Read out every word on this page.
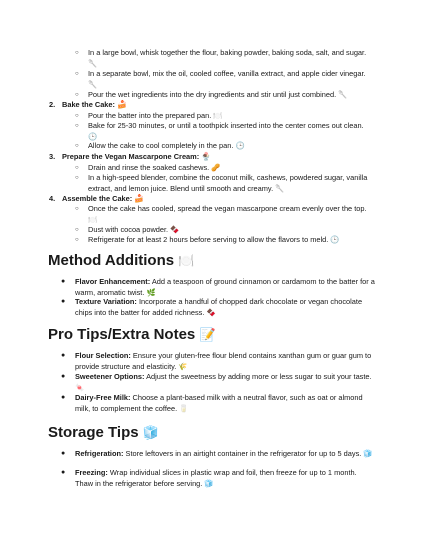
○ In a large bowl, whisk together the flour, baking powder, baking soda, salt, and sugar. 🥄
○ In a separate bowl, mix the oil, cooled coffee, vanilla extract, and apple cider vinegar. 🥄
○ Pour the wet ingredients into the dry ingredients and stir until just combined. 🥄
2. Bake the Cake: 🍰
○ Pour the batter into the prepared pan. 🍽️
○ Bake for 25-30 minutes, or until a toothpick inserted into the center comes out clean. 🕒
○ Allow the cake to cool completely in the pan. 🕒
3. Prepare the Vegan Mascarpone Cream: 🍨
○ Drain and rinse the soaked cashews. 🥜
○ In a high-speed blender, combine the coconut milk, cashews, powdered sugar, vanilla extract, and lemon juice. Blend until smooth and creamy. 🥄
4. Assemble the Cake: 🍰
○ Once the cake has cooled, spread the vegan mascarpone cream evenly over the top. 🍽️
○ Dust with cocoa powder. 🍫
○ Refrigerate for at least 2 hours before serving to allow the flavors to meld. 🕒
Method Additions 🍽️
● Flavor Enhancement: Add a teaspoon of ground cinnamon or cardamom to the batter for a warm, aromatic twist. 🌿
● Texture Variation: Incorporate a handful of chopped dark chocolate or vegan chocolate chips into the batter for added richness. 🍫
Pro Tips/Extra Notes 📝
● Flour Selection: Ensure your gluten-free flour blend contains xanthan gum or guar gum to provide structure and elasticity. 🌾
● Sweetener Options: Adjust the sweetness by adding more or less sugar to suit your taste. 🍬
● Dairy-Free Milk: Choose a plant-based milk with a neutral flavor, such as oat or almond milk, to complement the coffee. 🥛
Storage Tips 🧊
● Refrigeration: Store leftovers in an airtight container in the refrigerator for up to 5 days. 🧊
● Freezing: Wrap individual slices in plastic wrap and foil, then freeze for up to 1 month. Thaw in the refrigerator before serving. 🧊
